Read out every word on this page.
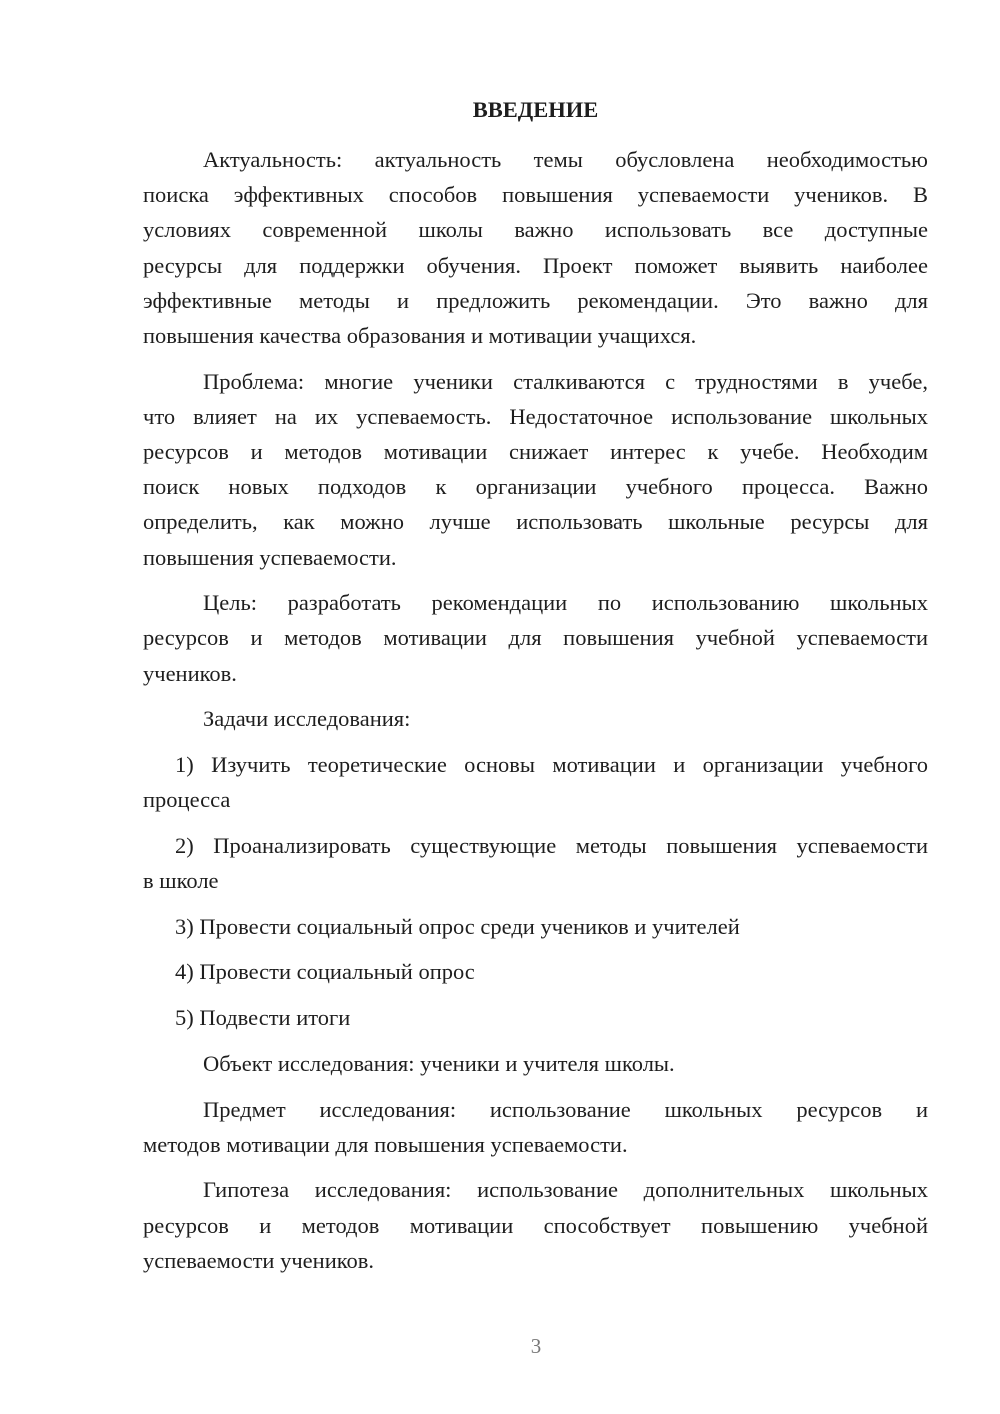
ВВЕДЕНИЕ
Актуальность: актуальность темы обусловлена необходимостью
поиска эффективных способов повышения успеваемости учеников. В
условиях современной школы важно использовать все доступные
ресурсы для поддержки обучения. Проект поможет выявить наиболее
эффективные методы и предложить рекомендации. Это важно для
повышения качества образования и мотивации учащихся.
Проблема: многие ученики сталкиваются с трудностями в учебе,
что влияет на их успеваемость. Недостаточное использование школьных
ресурсов и методов мотивации снижает интерес к учебе. Необходим
поиск новых подходов к организации учебного процесса. Важно
определить, как можно лучше использовать школьные ресурсы для
повышения успеваемости.
Цель: разработать рекомендации по использованию школьных
ресурсов и методов мотивации для повышения учебной успеваемости
учеников.
Задачи исследования:
1) Изучить теоретические основы мотивации и организации учебного
процесса
2) Проанализировать существующие методы повышения успеваемости
в школе
3) Провести социальный опрос среди учеников и учителей
4) Провести социальный опрос
5) Подвести итоги
Объект исследования: ученики и учителя школы.
Предмет исследования: использование школьных ресурсов и
методов мотивации для повышения успеваемости.
Гипотеза исследования: использование дополнительных школьных
ресурсов и методов мотивации способствует повышению учебной
успеваемости учеников.
3
